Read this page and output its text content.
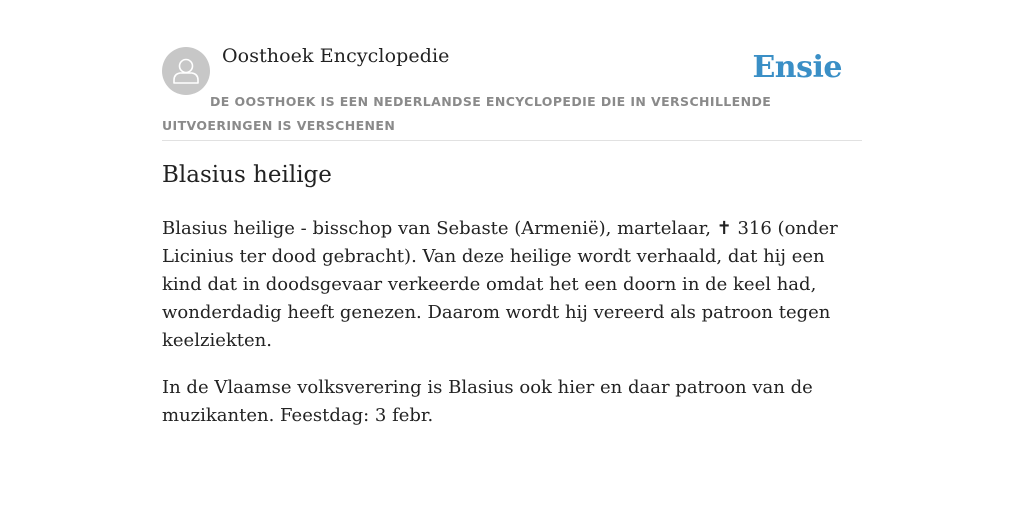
Oosthoek Encyclopedie	Ensie
DE OOSTHOEK IS EEN NEDERLANDSE ENCYCLOPEDIE DIE IN VERSCHILLENDE UITVOERINGEN IS VERSCHENEN
Blasius heilige

Blasius heilige - bisschop van Sebaste (Armenië), martelaar, ✝ 316 (onder Licinius ter dood gebracht). Van deze heilige wordt verhaald, dat hij een kind dat in doodsgevaar verkeerde omdat het een doorn in de keel had, wonderdadig heeft genezen. Daarom wordt hij vereerd als patroon tegen keelziekten.

In de Vlaamse volksverering is Blasius ook hier en daar patroon van de muzikanten. Feestdag: 3 febr.
